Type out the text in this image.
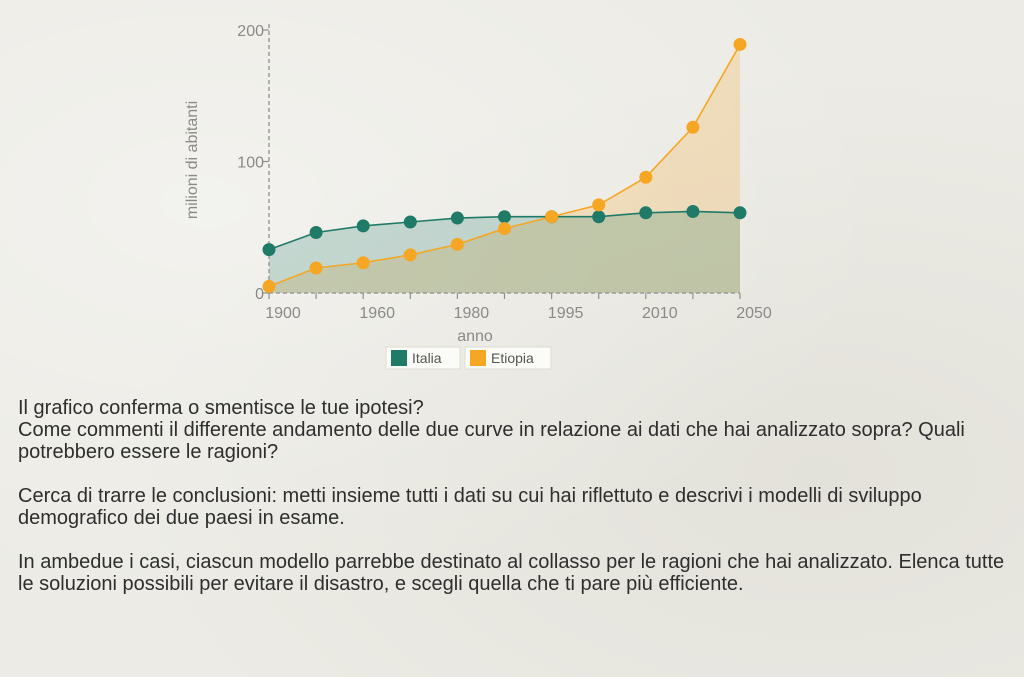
0
100
200
1900	1960	1980	1995	2010	2050
milioni di abitanti
anno
Italia	Etiopia

Il grafico conferma o smentisce le tue ipotesi?
Come commenti il differente andamento delle due curve in relazione ai dati che hai analizzato sopra? Quali potrebbero essere le ragioni?

Cerca di trarre le conclusioni: metti insieme tutti i dati su cui hai riflettuto e descrivi i modelli di sviluppo demografico dei due paesi in esame.

In ambedue i casi, ciascun modello parrebbe destinato al collasso per le ragioni che hai analizzato. Elenca tutte le soluzioni possibili per evitare il disastro, e scegli quella che ti pare più efficiente.
